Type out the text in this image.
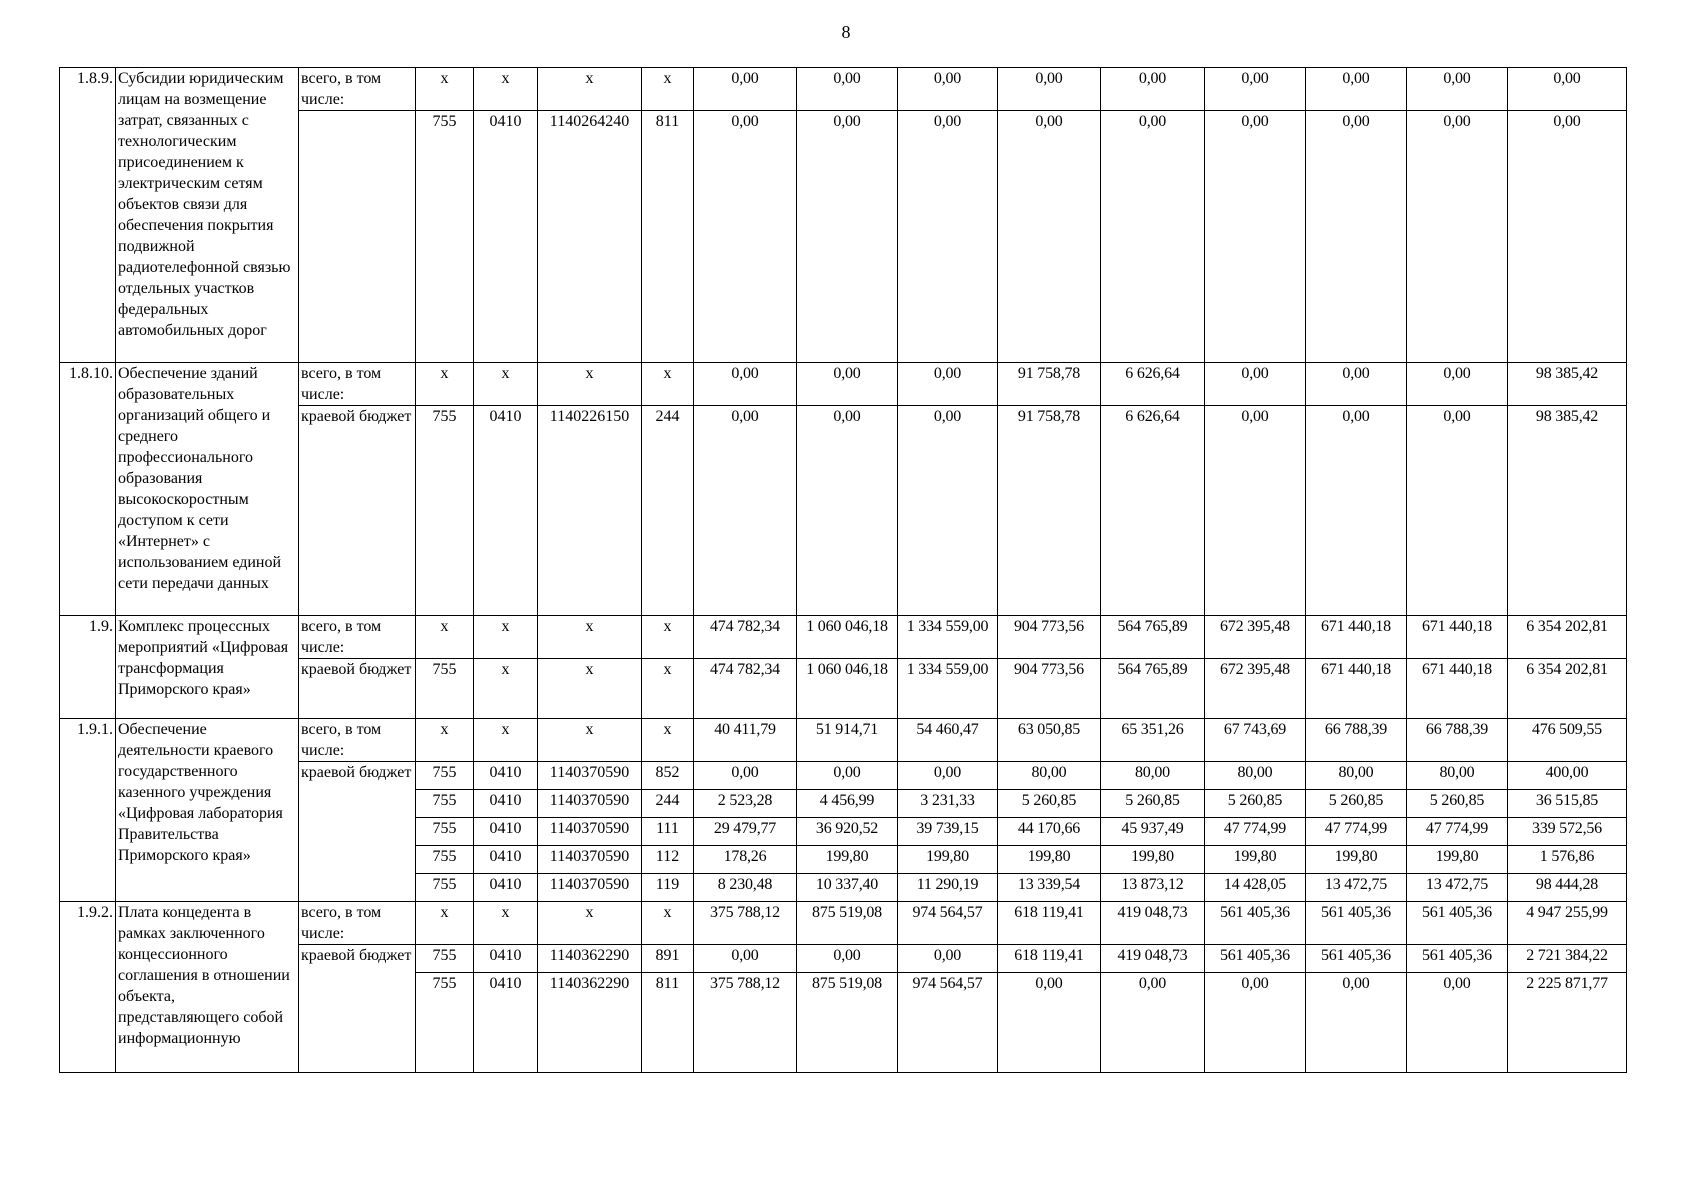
8
1.8.9.	Субсидии юридическим лицам на возмещение затрат, связанных с технологическим присоединением к электрическим сетям объектов связи для обеспечения покрытия подвижной радиотелефонной связью отдельных участков федеральных автомобильных дорог	всего, в том числе:	x	x	x	x	0,00	0,00	0,00	0,00	0,00	0,00	0,00	0,00	0,00
			755	0410	1140264240	811	0,00	0,00	0,00	0,00	0,00	0,00	0,00	0,00	0,00
1.8.10.	Обеспечение зданий образовательных организаций общего и среднего профессионального образования высокоскоростным доступом к сети «Интернет» с использованием единой сети передачи данных	всего, в том числе:	x	x	x	x	0,00	0,00	0,00	91 758,78	6 626,64	0,00	0,00	0,00	98 385,42
		краевой бюджет	755	0410	1140226150	244	0,00	0,00	0,00	91 758,78	6 626,64	0,00	0,00	0,00	98 385,42
1.9.	Комплекс процессных мероприятий «Цифровая трансформация Приморского края»	всего, в том числе:	x	x	x	x	474 782,34	1 060 046,18	1 334 559,00	904 773,56	564 765,89	672 395,48	671 440,18	671 440,18	6 354 202,81
		краевой бюджет	755	x	x	x	474 782,34	1 060 046,18	1 334 559,00	904 773,56	564 765,89	672 395,48	671 440,18	671 440,18	6 354 202,81
1.9.1.	Обеспечение деятельности краевого государственного казенного учреждения «Цифровая лаборатория Правительства Приморского края»	всего, в том числе:	x	x	x	x	40 411,79	51 914,71	54 460,47	63 050,85	65 351,26	67 743,69	66 788,39	66 788,39	476 509,55
		краевой бюджет	755	0410	1140370590	852	0,00	0,00	0,00	80,00	80,00	80,00	80,00	80,00	400,00
			755	0410	1140370590	244	2 523,28	4 456,99	3 231,33	5 260,85	5 260,85	5 260,85	5 260,85	5 260,85	36 515,85
			755	0410	1140370590	111	29 479,77	36 920,52	39 739,15	44 170,66	45 937,49	47 774,99	47 774,99	47 774,99	339 572,56
			755	0410	1140370590	112	178,26	199,80	199,80	199,80	199,80	199,80	199,80	199,80	1 576,86
			755	0410	1140370590	119	8 230,48	10 337,40	11 290,19	13 339,54	13 873,12	14 428,05	13 472,75	13 472,75	98 444,28
1.9.2.	Плата концедента в рамках заключенного концессионного соглашения в отношении объекта, представляющего собой информационную	всего, в том числе:	x	x	x	x	375 788,12	875 519,08	974 564,57	618 119,41	419 048,73	561 405,36	561 405,36	561 405,36	4 947 255,99
		краевой бюджет	755	0410	1140362290	891	0,00	0,00	0,00	618 119,41	419 048,73	561 405,36	561 405,36	561 405,36	2 721 384,22
			755	0410	1140362290	811	375 788,12	875 519,08	974 564,57	0,00	0,00	0,00	0,00	0,00	2 225 871,77
